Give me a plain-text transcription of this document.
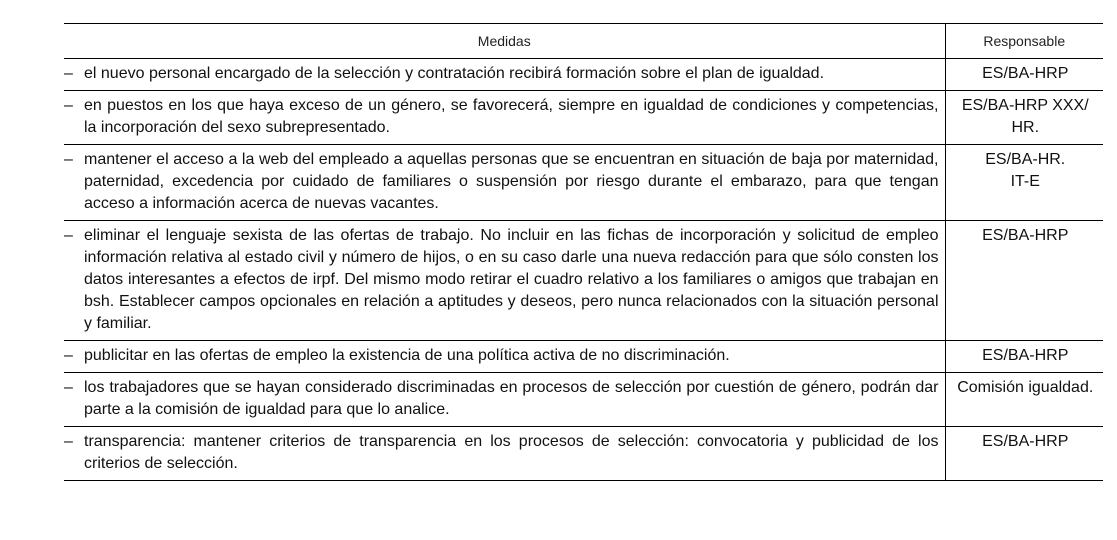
Medidas	Responsable

– el nuevo personal encargado de la selección y contratación recibirá formación sobre el plan de igualdad.	ES/BA-HRP

– en puestos en los que haya exceso de un género, se favorecerá, siempre en igualdad de condiciones y competencias, la incorporación del sexo subrepresentado.	ES/BA-HRP XXX/
HR.

– mantener el acceso a la web del empleado a aquellas personas que se encuentran en situación de baja por maternidad, paternidad, excedencia por cuidado de familiares o suspensión por riesgo durante el embarazo, para que tengan acceso a información acerca de nuevas vacantes.	ES/BA-HR.
IT-E

– eliminar el lenguaje sexista de las ofertas de trabajo. No incluir en las fichas de incorporación y solicitud de empleo información relativa al estado civil y número de hijos, o en su caso darle una nueva redacción para que sólo consten los datos interesantes a efectos de irpf. Del mismo modo retirar el cuadro relativo a los familiares o amigos que trabajan en bsh. Establecer campos opcionales en relación a aptitudes y deseos, pero nunca relacionados con la situación personal y familiar.	ES/BA-HRP

– publicitar en las ofertas de empleo la existencia de una política activa de no discriminación.	ES/BA-HRP

– los trabajadores que se hayan considerado discriminadas en procesos de selección por cuestión de género, podrán dar parte a la comisión de igualdad para que lo analice.	Comisión igualdad.

– transparencia: mantener criterios de transparencia en los procesos de selección: convocatoria y publicidad de los criterios de selección.	ES/BA-HRP
